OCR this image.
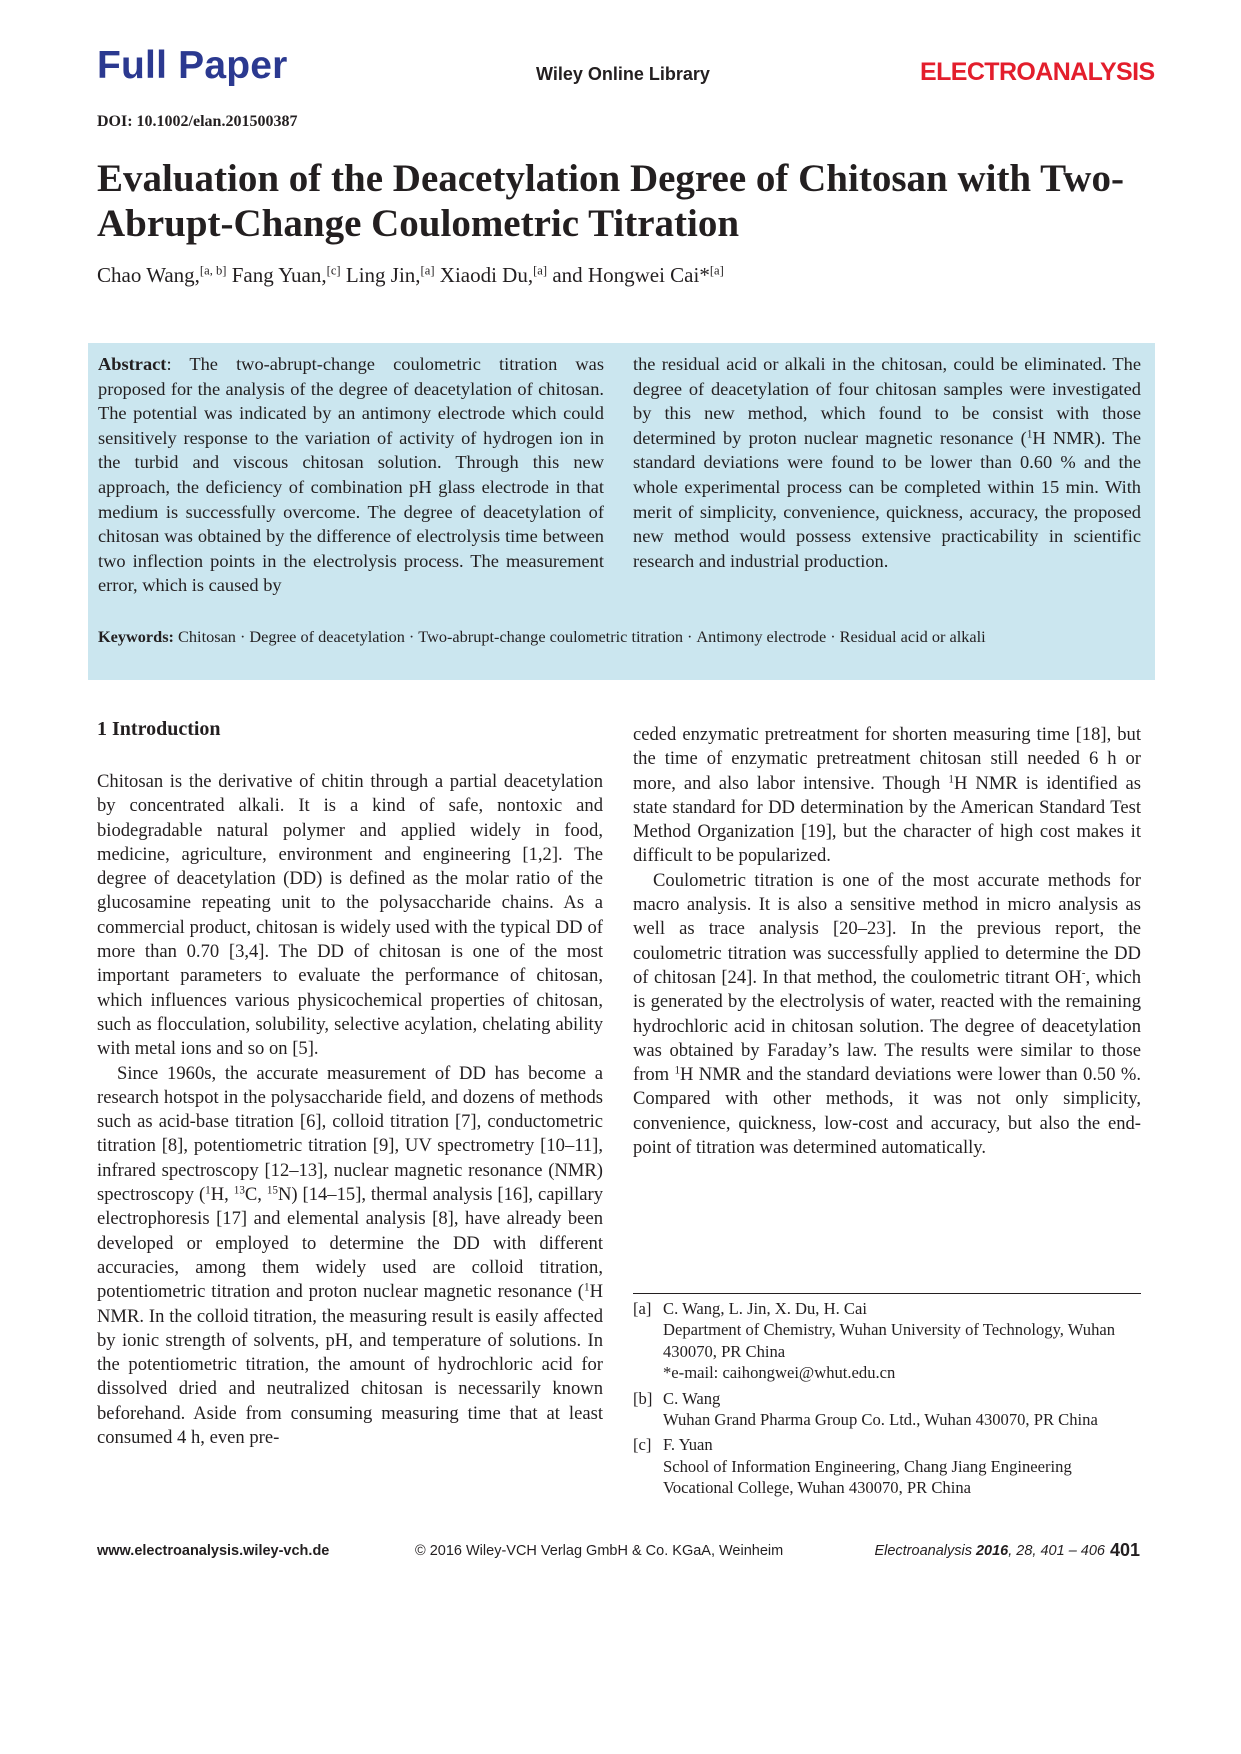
Full Paper	Wiley Online Library	ELECTROANALYSIS
DOI: 10.1002/elan.201500387
Evaluation of the Deacetylation Degree of Chitosan with Two-Abrupt-Change Coulometric Titration
Chao Wang,[a, b] Fang Yuan,[c] Ling Jin,[a] Xiaodi Du,[a] and Hongwei Cai*[a]
Abstract: The two-abrupt-change coulometric titration was proposed for the analysis of the degree of deacetylation of chitosan. The potential was indicated by an antimony electrode which could sensitively response to the variation of activity of hydrogen ion in the turbid and viscous chitosan solution. Through this new approach, the deficiency of combination pH glass electrode in that medium is successfully overcome. The degree of deacetylation of chitosan was obtained by the difference of electrolysis time between two inflection points in the electrolysis process. The measurement error, which is caused by
the residual acid or alkali in the chitosan, could be eliminated. The degree of deacetylation of four chitosan samples were investigated by this new method, which found to be consist with those determined by proton nuclear magnetic resonance ($^1$H NMR). The standard deviations were found to be lower than 0.60 % and the whole experimental process can be completed within 15 min. With merit of simplicity, convenience, quickness, accuracy, the proposed new method would possess extensive practicability in scientific research and industrial production.
Keywords: Chitosan · Degree of deacetylation · Two-abrupt-change coulometric titration · Antimony electrode · Residual acid or alkali
1 Introduction

Chitosan is the derivative of chitin through a partial deacetylation by concentrated alkali. It is a kind of safe, nontoxic and biodegradable natural polymer and applied widely in food, medicine, agriculture, environment and engineering [1,2]. The degree of deacetylation (DD) is defined as the molar ratio of the glucosamine repeating unit to the polysaccharide chains. As a commercial product, chitosan is widely used with the typical DD of more than 0.70 [3,4]. The DD of chitosan is one of the most important parameters to evaluate the performance of chitosan, which influences various physicochemical properties of chitosan, such as flocculation, solubility, selective acylation, chelating ability with metal ions and so on [5].

Since 1960s, the accurate measurement of DD has become a research hotspot in the polysaccharide field, and dozens of methods such as acid-base titration [6], colloid titration [7], conductometric titration [8], potentiometric titration [9], UV spectrometry [10–11], infrared spectroscopy [12–13], nuclear magnetic resonance (NMR) spectroscopy ($^1$H, $^{13}$C, $^{15}$N) [14–15], thermal analysis [16], capillary electrophoresis [17] and elemental analysis [8], have already been developed or employed to determine the DD with different accuracies, among them widely used are colloid titration, potentiometric titration and proton nuclear magnetic resonance ($^1$H NMR. In the colloid titration, the measuring result is easily affected by ionic strength of solvents, pH, and temperature of solutions. In the potentiometric titration, the amount of hydrochloric acid for dissolved dried and neutralized chitosan is necessarily known beforehand. Aside from consuming measuring time that at least consumed 4 h, even pre-

ceded enzymatic pretreatment for shorten measuring time [18], but the time of enzymatic pretreatment chitosan still needed 6 h or more, and also labor intensive. Though $^1$H NMR is identified as state standard for DD determination by the American Standard Test Method Organization [19], but the character of high cost makes it difficult to be popularized.

Coulometric titration is one of the most accurate methods for macro analysis. It is also a sensitive method in micro analysis as well as trace analysis [20–23]. In the previous report, the coulometric titration was successfully applied to determine the DD of chitosan [24]. In that method, the coulometric titrant OH-, which is generated by the electrolysis of water, reacted with the remaining hydrochloric acid in chitosan solution. The degree of deacetylation was obtained by Faraday’s law. The results were similar to those from $^1$H NMR and the standard deviations were lower than 0.50 %. Compared with other methods, it was not only simplicity, convenience, quickness, low-cost and accuracy, but also the end-point of titration was determined automatically.

[a] C. Wang, L. Jin, X. Du, H. Cai
Department of Chemistry, Wuhan University of Technology, Wuhan 430070, PR China
*e-mail: caihongwei@whut.edu.cn
[b] C. Wang
Wuhan Grand Pharma Group Co. Ltd., Wuhan 430070, PR China
[c] F. Yuan
School of Information Engineering, Chang Jiang Engineering Vocational College, Wuhan 430070, PR China
www.electroanalysis.wiley-vch.de	© 2016 Wiley-VCH Verlag GmbH & Co. KGaA, Weinheim	Electroanalysis 2016, 28, 401 – 406 401
